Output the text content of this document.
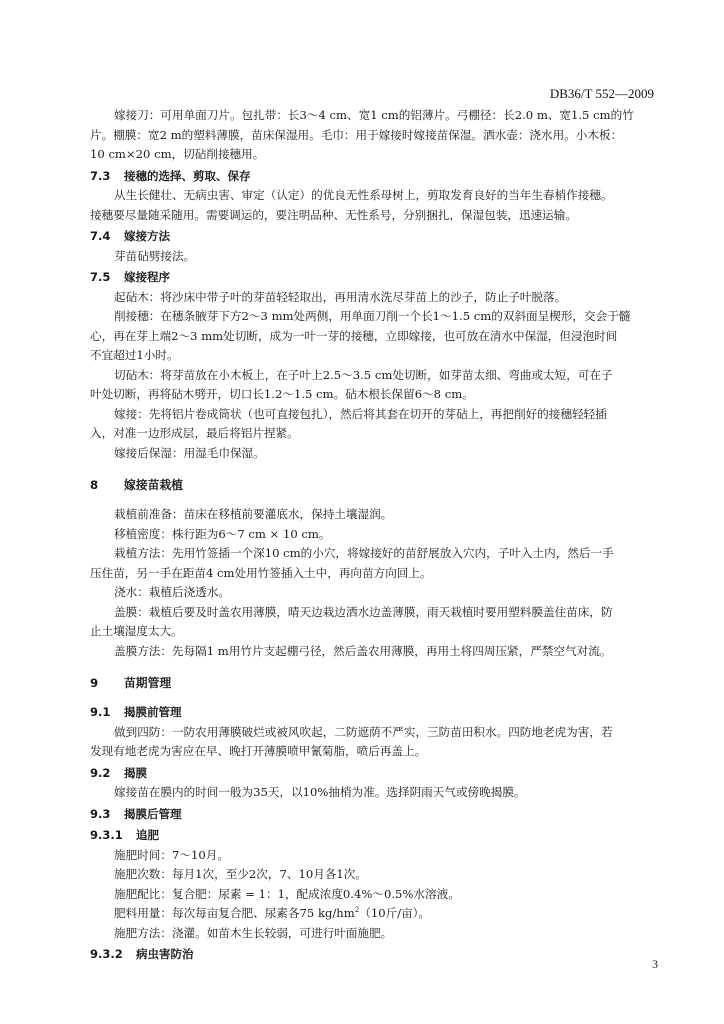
DB36/T 552—2009
嫁接刀：可用单面刀片。包扎带：长3～4 cm、宽1 cm的铝薄片。弓棚径：长2.0 m、宽1.5 cm的竹
片。棚膜：宽2 m的塑料薄膜，苗床保湿用。毛巾：用于嫁接时嫁接苗保湿。洒水壶：浇水用。小木板：
10 cm×20 cm，切砧削接穗用。
7.3 接穗的选择、剪取、保存
从生长健壮、无病虫害、审定（认定）的优良无性系母树上，剪取发育良好的当年生春梢作接穗。
接穗要尽量随采随用。需要调运的，要注明品种、无性系号，分别捆扎，保湿包装，迅速运输。
7.4 嫁接方法
芽苗砧劈接法。
7.5 嫁接程序
起砧木：将沙床中带子叶的芽苗轻轻取出，再用清水洗尽芽苗上的沙子，防止子叶脱落。
削接穗：在穗条腋芽下方2～3 mm处两侧，用单面刀削一个长1～1.5 cm的双斜面呈楔形，交会于髓
心，再在芽上端2～3 mm处切断，成为一叶一芽的接穗，立即嫁接，也可放在清水中保湿，但浸泡时间
不宜超过1小时。
切砧木：将芽苗放在小木板上，在子叶上2.5～3.5 cm处切断，如芽苗太细、弯曲或太短，可在子
叶处切断，再将砧木劈开，切口长1.2～1.5 cm。砧木根长保留6～8 cm。
嫁接：先将铝片卷成筒状（也可直接包扎），然后将其套在切开的芽砧上，再把削好的接穗轻轻插
入，对准一边形成层，最后将铝片捏紧。
嫁接后保湿：用湿毛巾保湿。
8 嫁接苗栽植
栽植前准备：苗床在移植前要灌底水，保持土壤湿润。
移植密度：株行距为6～7 cm × 10 cm。
栽植方法：先用竹签插一个深10 cm的小穴，将嫁接好的苗舒展放入穴内，子叶入土内，然后一手
压住苗，另一手在距苗4 cm处用竹签插入土中，再向苗方向回上。
浇水：栽植后浇透水。
盖膜：栽植后要及时盖农用薄膜，晴天边栽边洒水边盖薄膜，雨天栽植时要用塑料膜盖住苗床，防
止土壤湿度太大。
盖膜方法：先每隔1 m用竹片支起棚弓径，然后盖农用薄膜，再用土将四周压紧，严禁空气对流。
9 苗期管理
9.1 揭膜前管理
做到四防：一防农用薄膜破烂或被风吹起，二防遮荫不严实，三防苗田积水。四防地老虎为害，若
发现有地老虎为害应在早、晚打开薄膜喷甲氰菊脂，喷后再盖上。
9.2 揭膜
嫁接苗在膜内的时间一般为35天，以10%抽梢为准。选择阴雨天气或傍晚揭膜。
9.3 揭膜后管理
9.3.1 追肥
施肥时间：7～10月。
施肥次数：每月1次，至少2次，7、10月各1次。
施肥配比：复合肥：尿素 = 1：1，配成浓度0.4%～0.5%水溶液。
肥料用量：每次每亩复合肥、尿素各75 $kg/hm^2(10$斤/亩）。
施肥方法：浇灌。如苗木生长较弱，可进行叶面施肥。
9.3.2 病虫害防治
3
